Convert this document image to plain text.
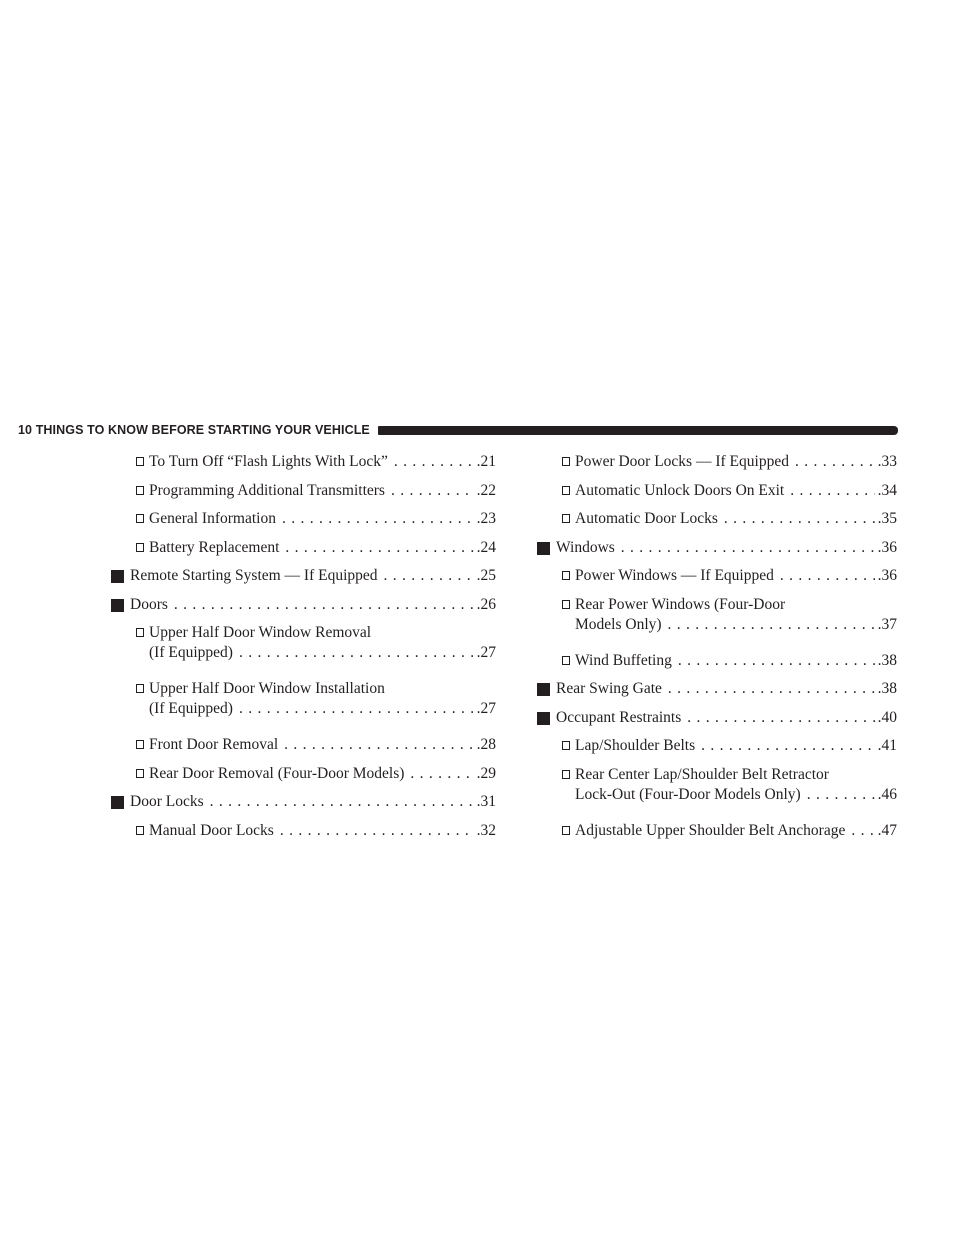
10 THINGS TO KNOW BEFORE STARTING YOUR VEHICLE
To Turn Off “Flash Lights With Lock” . . .	.21
Programming Additional Transmitters . . .	.22
General Information . . .	.23
Battery Replacement . . .	.24
Remote Starting System — If Equipped . . .	.25
Doors . . .	.26
Upper Half Door Window Removal
(If Equipped) . . .	.27
Upper Half Door Window Installation
(If Equipped) . . .	.27
Front Door Removal . . .	.28
Rear Door Removal (Four-Door Models) . . .	.29
Door Locks . . .	.31
Manual Door Locks . . .	.32
Power Door Locks — If Equipped . . .	.33
Automatic Unlock Doors On Exit . . .	.34
Automatic Door Locks . . .	.35
Windows . . .	.36
Power Windows — If Equipped . . .	.36
Rear Power Windows (Four-Door
Models Only) . . .	.37
Wind Buffeting . . .	.38
Rear Swing Gate . . .	.38
Occupant Restraints . . .	.40
Lap/Shoulder Belts . . .	.41
Rear Center Lap/Shoulder Belt Retractor
Lock-Out (Four-Door Models Only) . . .	.46
Adjustable Upper Shoulder Belt Anchorage . . . .47
